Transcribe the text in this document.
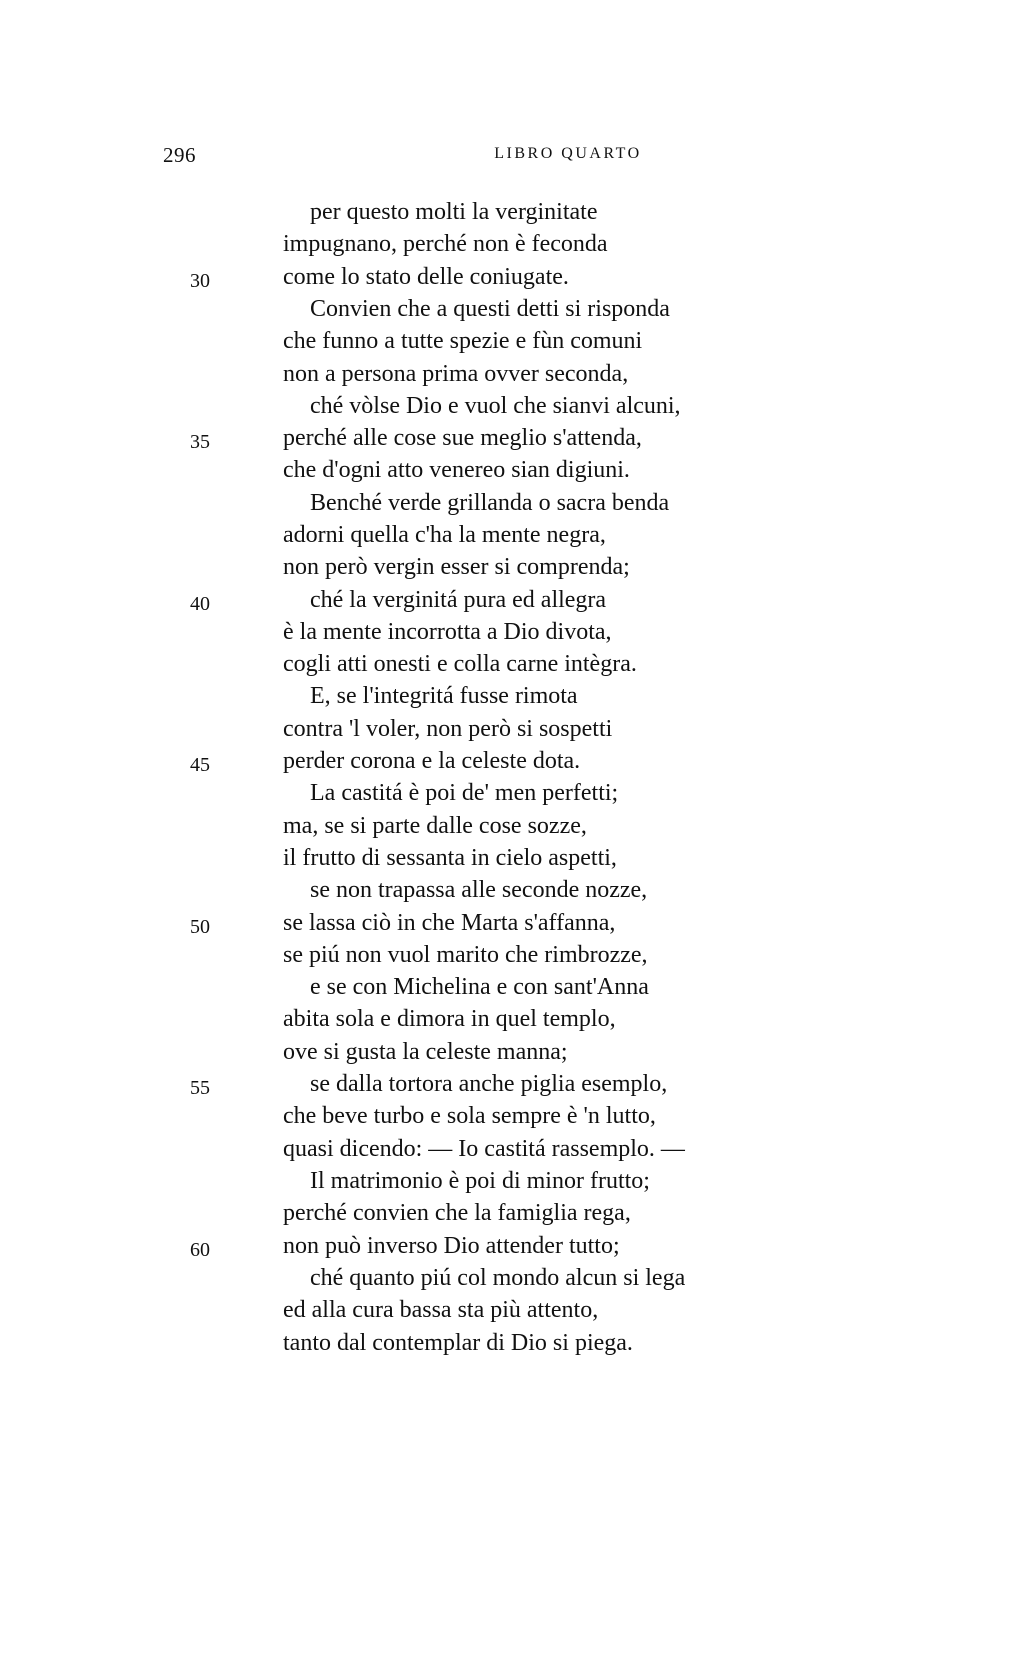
296	LIBRO QUARTO
per questo molti la verginitate
impugnano, perché non è feconda
come lo stato delle coniugate.
30
Convien che a questi detti si risponda
che funno a tutte spezie e fùn comuni
non a persona prima ovver seconda,
ché vòlse Dio e vuol che sianvi alcuni,
perché alle cose sue meglio s'attenda,
35
che d'ogni atto venereo sian digiuni.
Benché verde grillanda o sacra benda
adorni quella c'ha la mente negra,
non però vergin esser si comprenda;
ché la verginitá pura ed allegra
40
è la mente incorrotta a Dio divota,
cogli atti onesti e colla carne intègra.
E, se l'integritá fusse rimota
contra 'l voler, non però si sospetti
perder corona e la celeste dota.
45
La castitá è poi de' men perfetti;
ma, se si parte dalle cose sozze,
il frutto di sessanta in cielo aspetti,
se non trapassa alle seconde nozze,
se lassa ciò in che Marta s'affanna,
50
se piú non vuol marito che rimbrozze,
e se con Michelina e con sant'Anna
abita sola e dimora in quel templo,
ove si gusta la celeste manna;
se dalla tortora anche piglia esemplo,
55
che beve turbo e sola sempre è 'n lutto,
quasi dicendo: — Io castitá rassemplo. —
Il matrimonio è poi di minor frutto;
perché convien che la famiglia rega,
non può inverso Dio attender tutto;
60
ché quanto piú col mondo alcun si lega
ed alla cura bassa sta più attento,
tanto dal contemplar di Dio si piega.
